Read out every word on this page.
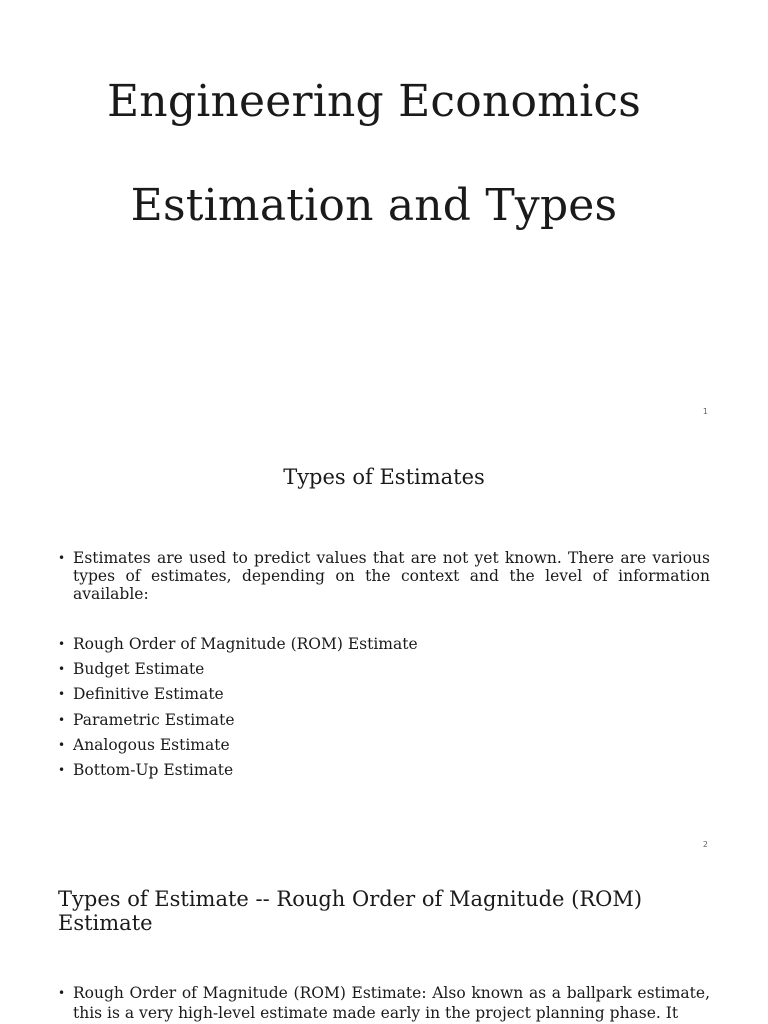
Engineering Economics
Estimation and Types
1
Types of Estimates
• Estimates are used to predict values that are not yet known. There are various types of estimates, depending on the context and the level of information available:
• Rough Order of Magnitude (ROM) Estimate
• Budget Estimate
• Definitive Estimate
• Parametric Estimate
• Analogous Estimate
• Bottom-Up Estimate
2
Types of Estimate -- Rough Order of Magnitude (ROM) Estimate
• Rough Order of Magnitude (ROM) Estimate: Also known as a ballpark estimate, this is a very high-level estimate made early in the project planning phase. It
